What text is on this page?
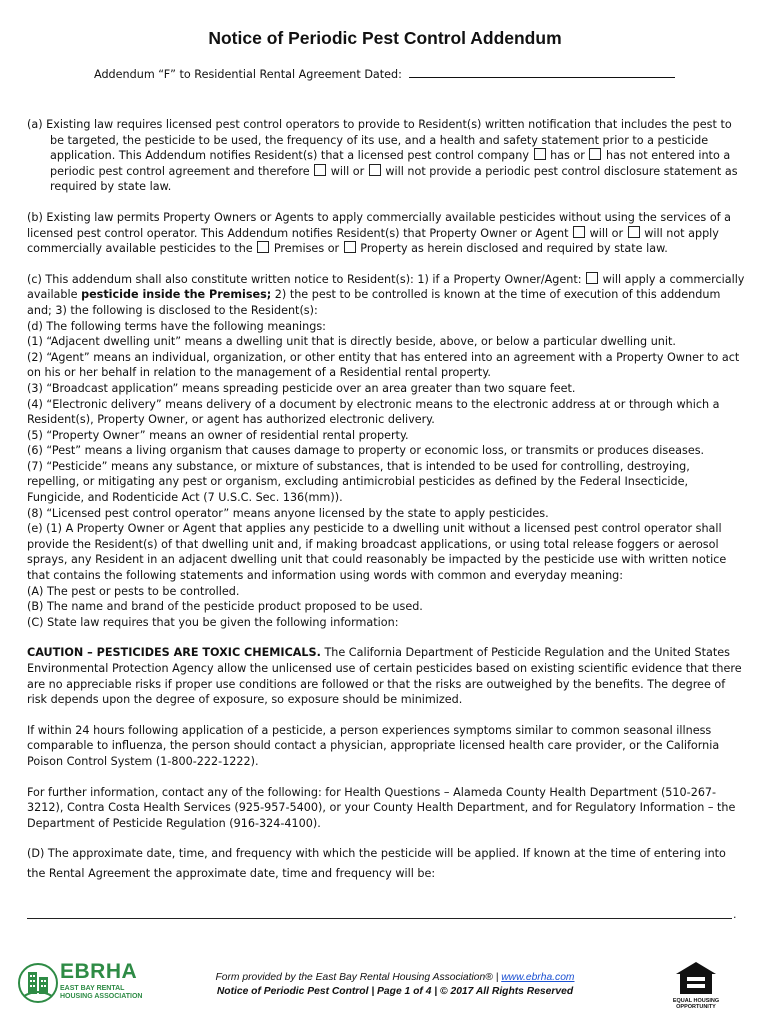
Notice of Periodic Pest Control Addendum
Addendum “F” to Residential Rental Agreement Dated:

(a) Existing law requires licensed pest control operators to provide to Resident(s) written notification that includes the pest to be targeted, the pesticide to be used, the frequency of its use, and a health and safety statement prior to a pesticide application. This Addendum notifies Resident(s) that a licensed pest control company has or has not entered into a periodic pest control agreement and therefore will or will not provide a periodic pest control disclosure statement as required by state law.

(b) Existing law permits Property Owners or Agents to apply commercially available pesticides without using the services of a licensed pest control operator. This Addendum notifies Resident(s) that Property Owner or Agent will or will not apply commercially available pesticides to the Premises or Property as herein disclosed and required by state law.

(c) This addendum shall also constitute written notice to Resident(s): 1) if a Property Owner/Agent: will apply a commercially available pesticide inside the Premises; 2) the pest to be controlled is known at the time of execution of this addendum and; 3) the following is disclosed to the Resident(s):

(d) The following terms have the following meanings:

(1) “Adjacent dwelling unit” means a dwelling unit that is directly beside, above, or below a particular dwelling unit.

(2) “Agent” means an individual, organization, or other entity that has entered into an agreement with a Property Owner to act on his or her behalf in relation to the management of a Residential rental property.

(3) “Broadcast application” means spreading pesticide over an area greater than two square feet.

(4) “Electronic delivery” means delivery of a document by electronic means to the electronic address at or through which a Resident(s), Property Owner, or agent has authorized electronic delivery.

(5) “Property Owner” means an owner of residential rental property.

(6) “Pest” means a living organism that causes damage to property or economic loss, or transmits or produces diseases.

(7) “Pesticide” means any substance, or mixture of substances, that is intended to be used for controlling, destroying, repelling, or mitigating any pest or organism, excluding antimicrobial pesticides as defined by the Federal Insecticide, Fungicide, and Rodenticide Act (7 U.S.C. Sec. 136(mm)).

(8) “Licensed pest control operator” means anyone licensed by the state to apply pesticides.

(e) (1) A Property Owner or Agent that applies any pesticide to a dwelling unit without a licensed pest control operator shall provide the Resident(s) of that dwelling unit and, if making broadcast applications, or using total release foggers or aerosol sprays, any Resident in an adjacent dwelling unit that could reasonably be impacted by the pesticide use with written notice that contains the following statements and information using words with common and everyday meaning:

(A) The pest or pests to be controlled.

(B) The name and brand of the pesticide product proposed to be used.

(C) State law requires that you be given the following information:

CAUTION – PESTICIDES ARE TOXIC CHEMICALS. The California Department of Pesticide Regulation and the United States Environmental Protection Agency allow the unlicensed use of certain pesticides based on existing scientific evidence that there are no appreciable risks if proper use conditions are followed or that the risks are outweighed by the benefits. The degree of risk depends upon the degree of exposure, so exposure should be minimized.

If within 24 hours following application of a pesticide, a person experiences symptoms similar to common seasonal illness comparable to influenza, the person should contact a physician, appropriate licensed health care provider, or the California Poison Control System (1-800-222-1222).

For further information, contact any of the following: for Health Questions – Alameda County Health Department (510-267-3212), Contra Costa Health Services (925-957-5400), or your County Health Department, and for Regulatory Information – the Department of Pesticide Regulation (916-324-4100).

(D) The approximate date, time, and frequency with which the pesticide will be applied. If known at the time of entering into

the Rental Agreement the approximate date, time and frequency will be:

.
EBRHA
EAST BAY RENTAL
HOUSING ASSOCIATION
Form provided by the East Bay Rental Housing Association® | www.ebrha.com
Notice of Periodic Pest Control | Page 1 of 4 | © 2017 All Rights Reserved
EQUAL HOUSING
OPPORTUNITY
